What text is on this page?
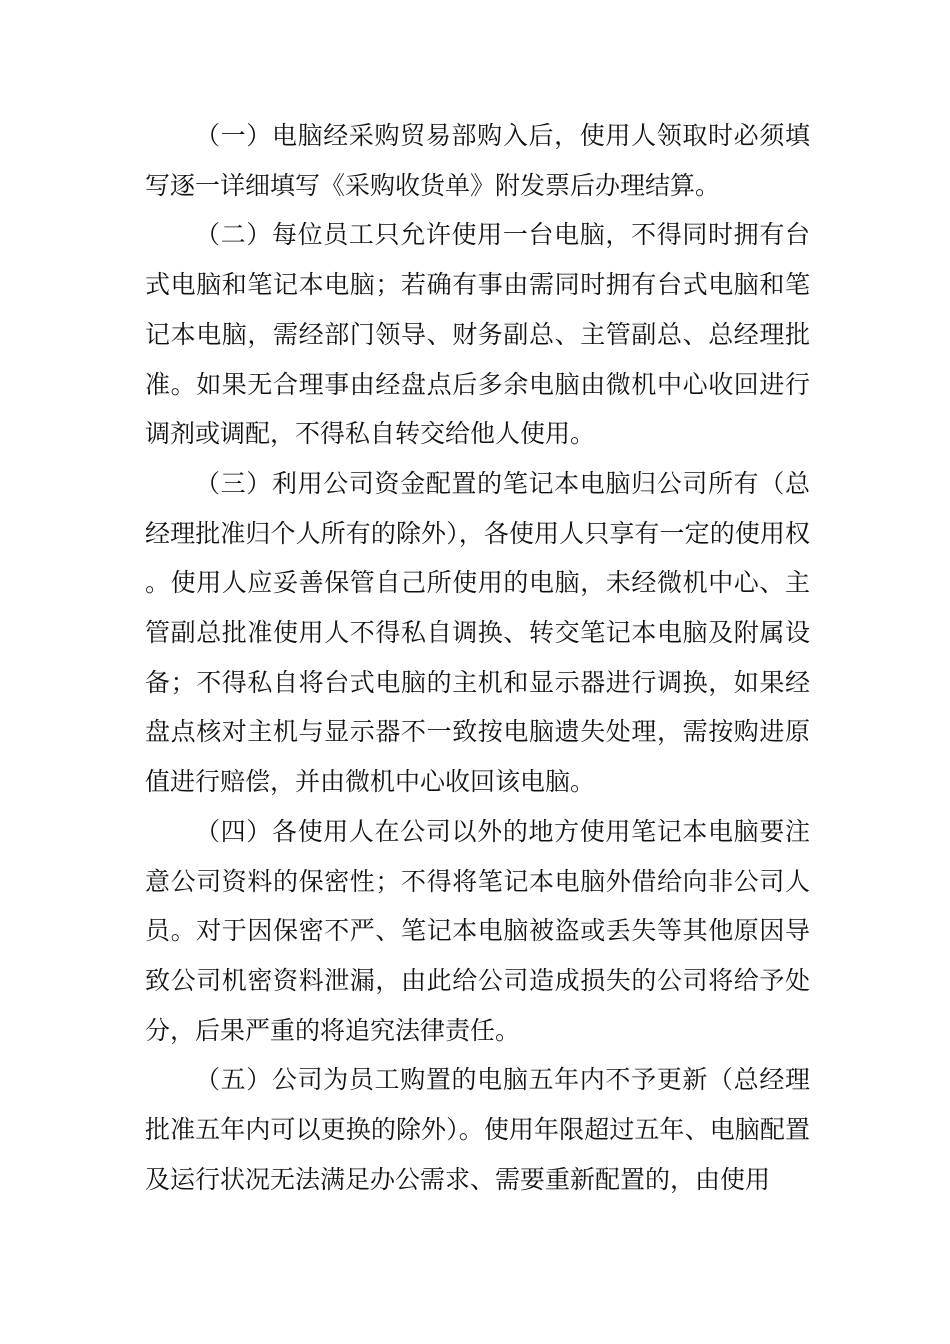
（一）电脑经采购贸易部购入后，使用人领取时必须填写逐一详细填写《采购收货单》附发票后办理结算。

（二）每位员工只允许使用一台电脑，不得同时拥有台式电脑和笔记本电脑；若确有事由需同时拥有台式电脑和笔记本电脑，需经部门领导、财务副总、主管副总、总经理批准。如果无合理事由经盘点后多余电脑由微机中心收回进行调剂或调配，不得私自转交给他人使用。

（三）利用公司资金配置的笔记本电脑归公司所有（总经理批准归个人所有的除外），各使用人只享有一定的使用权。使用人应妥善保管自己所使用的电脑，未经微机中心、主管副总批准使用人不得私自调换、转交笔记本电脑及附属设备；不得私自将台式电脑的主机和显示器进行调换，如果经盘点核对主机与显示器不一致按电脑遗失处理，需按购进原值进行赔偿，并由微机中心收回该电脑。

（四）各使用人在公司以外的地方使用笔记本电脑要注意公司资料的保密性；不得将笔记本电脑外借给向非公司人员。对于因保密不严、笔记本电脑被盗或丢失等其他原因导致公司机密资料泄漏，由此给公司造成损失的公司将给予处分，后果严重的将追究法律责任。

（五）公司为员工购置的电脑五年内不予更新（总经理批准五年内可以更换的除外）。使用年限超过五年、电脑配置及运行状况无法满足办公需求、需要重新配置的，由使用
